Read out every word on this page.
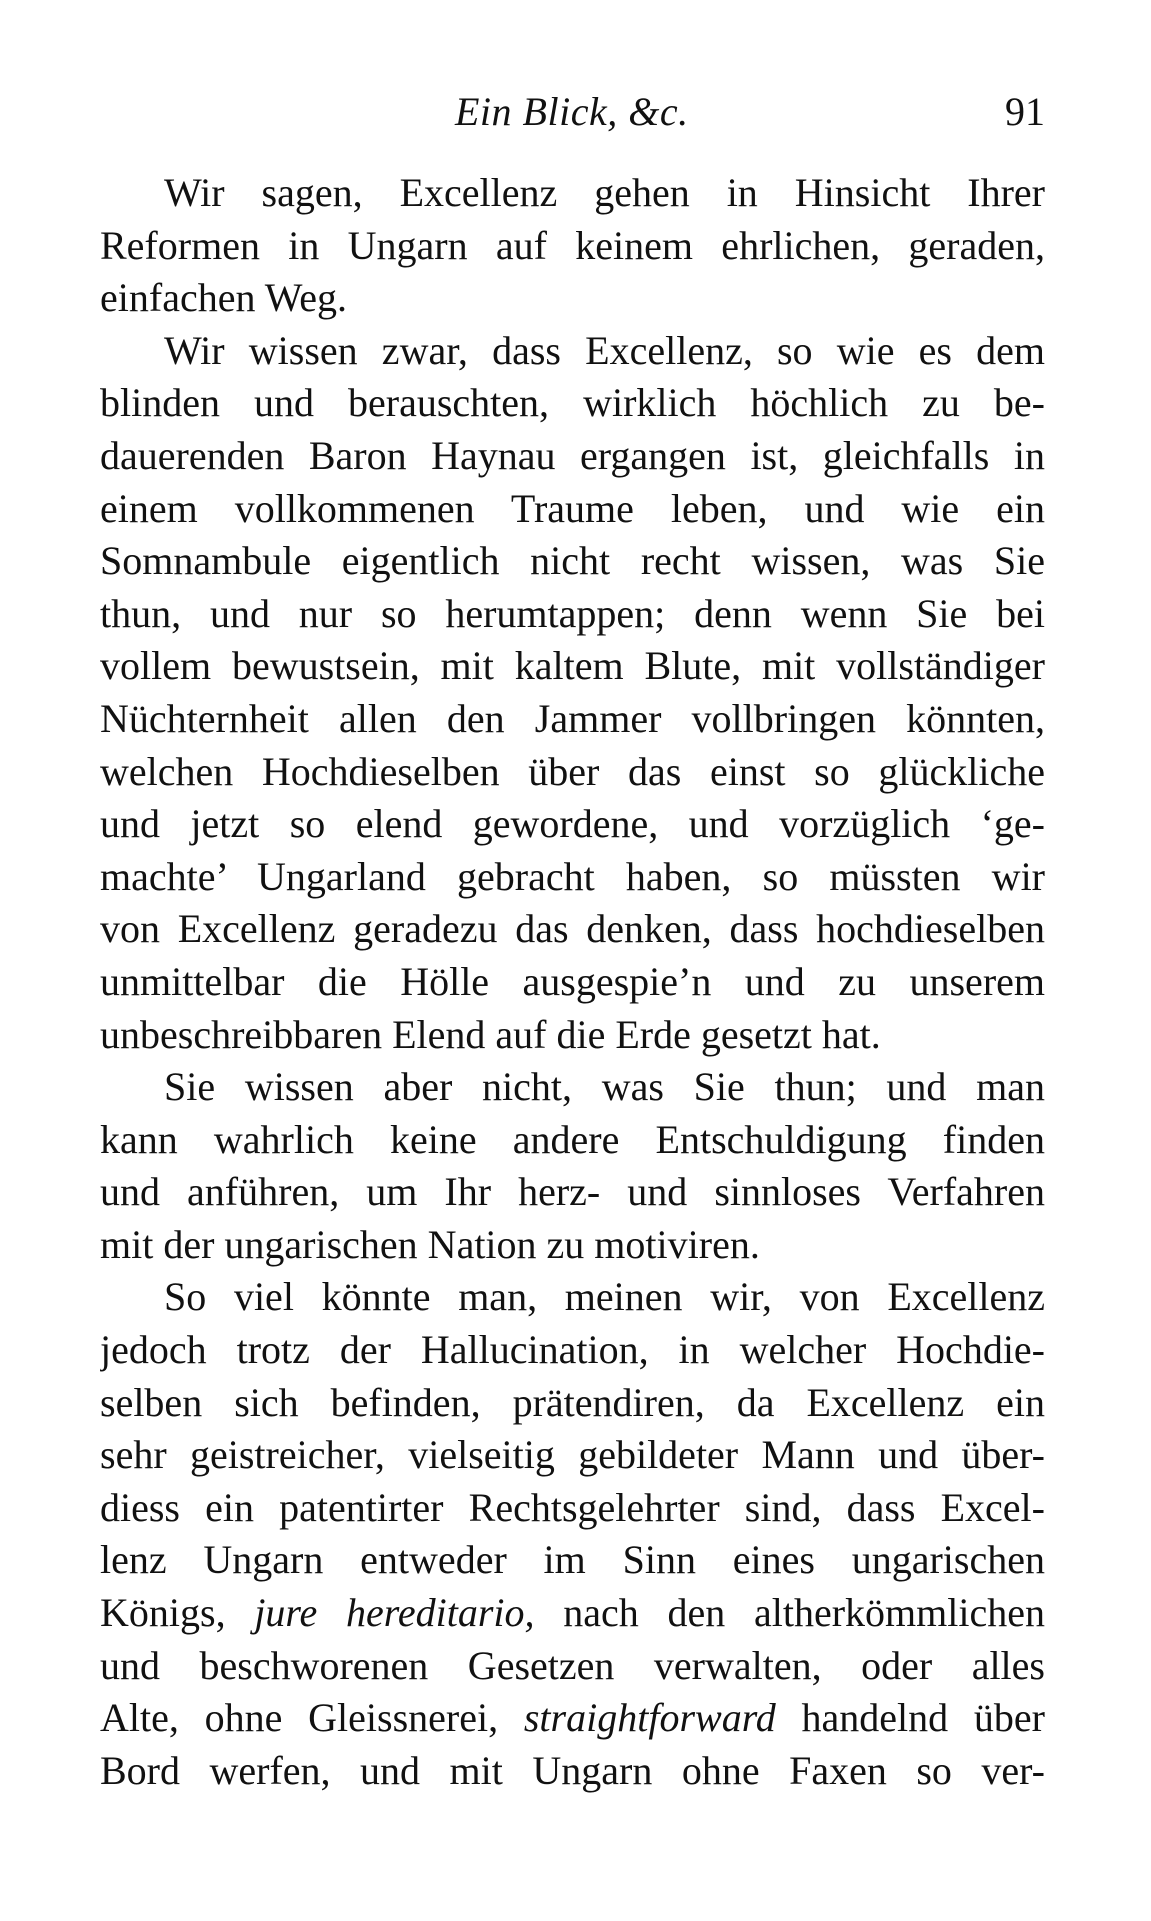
Ein Blick, &c.	91
Wir sagen, Excellenz gehen in Hinsicht Ihrer
Reformen in Ungarn auf keinem ehrlichen, geraden,
einfachen Weg.
Wir wissen zwar, dass Excellenz, so wie es dem
blinden und berauschten, wirklich höchlich zu be-
dauerenden Baron Haynau ergangen ist, gleichfalls in
einem vollkommenen Traume leben, und wie ein
Somnambule eigentlich nicht recht wissen, was Sie
thun, und nur so herumtappen; denn wenn Sie bei
vollem bewustsein, mit kaltem Blute, mit vollständiger
Nüchternheit allen den Jammer vollbringen könnten,
welchen Hochdieselben über das einst so glückliche
und jetzt so elend gewordene, und vorzüglich ‘ge-
machte’ Ungarland gebracht haben, so müssten wir
von Excellenz geradezu das denken, dass hochdieselben
unmittelbar die Hölle ausgespie’n und zu unserem
unbeschreibbaren Elend auf die Erde gesetzt hat.
Sie wissen aber nicht, was Sie thun; und man
kann wahrlich keine andere Entschuldigung finden
und anführen, um Ihr herz- und sinnloses Verfahren
mit der ungarischen Nation zu motiviren.
So viel könnte man, meinen wir, von Excellenz
jedoch trotz der Hallucination, in welcher Hochdie-
selben sich befinden, prätendiren, da Excellenz ein
sehr geistreicher, vielseitig gebildeter Mann und über-
diess ein patentirter Rechtsgelehrter sind, dass Excel-
lenz Ungarn entweder im Sinn eines ungarischen
Königs, jure hereditario, nach den altherkömmlichen
und beschworenen Gesetzen verwalten, oder alles
Alte, ohne Gleissnerei, straightforward handelnd über
Bord werfen, und mit Ungarn ohne Faxen so ver-
